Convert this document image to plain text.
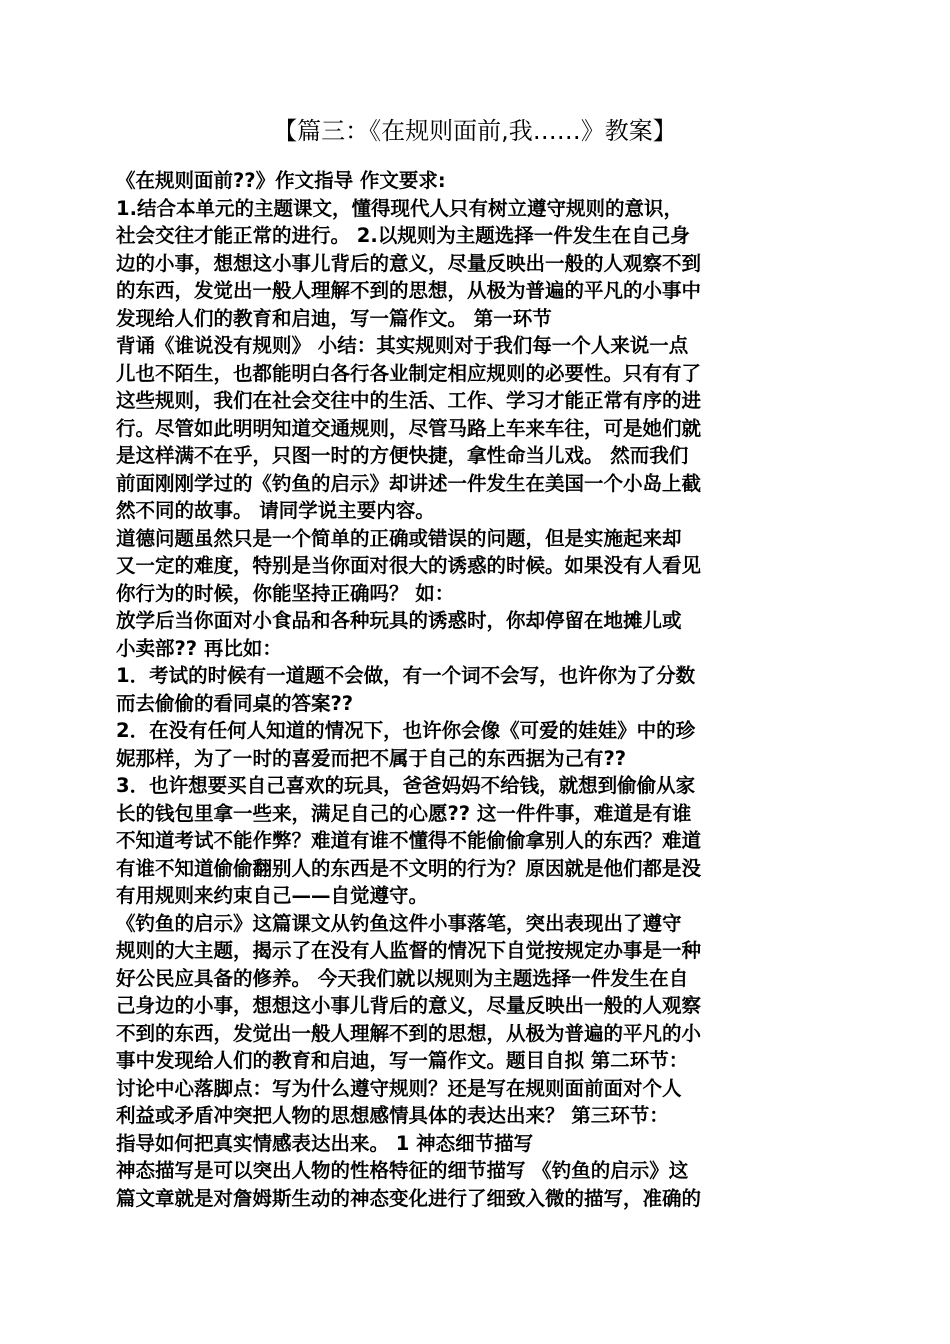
【篇三：《在规则面前,我……》教案】
《在规则面前??》作文指导 作文要求:
1.结合本单元的主题课文，懂得现代人只有树立遵守规则的意识，
社会交往才能正常的进行。 2.以规则为主题选择一件发生在自己身
边的小事，想想这小事儿背后的意义，尽量反映出一般的人观察不到
的东西，发觉出一般人理解不到的思想，从极为普遍的平凡的小事中
发现给人们的教育和启迪，写一篇作文。 第一环节
背诵《谁说没有规则》 小结：其实规则对于我们每一个人来说一点
儿也不陌生，也都能明白各行各业制定相应规则的必要性。只有有了
这些规则，我们在社会交往中的生活、工作、学习才能正常有序的进
行。尽管如此明明知道交通规则，尽管马路上车来车往，可是她们就
是这样满不在乎，只图一时的方便快捷，拿性命当儿戏。 然而我们
前面刚刚学过的《钓鱼的启示》却讲述一件发生在美国一个小岛上截
然不同的故事。 请同学说主要内容。
道德问题虽然只是一个简单的正确或错误的问题，但是实施起来却
又一定的难度，特别是当你面对很大的诱惑的时候。如果没有人看见
你行为的时候，你能坚持正确吗？ 如：
放学后当你面对小食品和各种玩具的诱惑时，你却停留在地摊儿或
小卖部?? 再比如：
1．考试的时候有一道题不会做，有一个词不会写，也许你为了分数
而去偷偷的看同桌的答案??
2．在没有任何人知道的情况下，也许你会像《可爱的娃娃》中的珍
妮那样，为了一时的喜爱而把不属于自己的东西据为己有??
3．也许想要买自己喜欢的玩具，爸爸妈妈不给钱，就想到偷偷从家
长的钱包里拿一些来，满足自己的心愿?? 这一件件事，难道是有谁
不知道考试不能作弊？难道有谁不懂得不能偷偷拿别人的东西？难道
有谁不知道偷偷翻别人的东西是不文明的行为？原因就是他们都是没
有用规则来约束自己——自觉遵守。
《钓鱼的启示》这篇课文从钓鱼这件小事落笔，突出表现出了遵守
规则的大主题，揭示了在没有人监督的情况下自觉按规定办事是一种
好公民应具备的修养。 今天我们就以规则为主题选择一件发生在自
己身边的小事，想想这小事儿背后的意义，尽量反映出一般的人观察
不到的东西，发觉出一般人理解不到的思想，从极为普遍的平凡的小
事中发现给人们的教育和启迪，写一篇作文。题目自拟 第二环节：
讨论中心落脚点：写为什么遵守规则？还是写在规则面前面对个人
利益或矛盾冲突把人物的思想感情具体的表达出来？ 第三环节：
指导如何把真实情感表达出来。 1 神态细节描写
神态描写是可以突出人物的性格特征的细节描写 《钓鱼的启示》这
篇文章就是对詹姆斯生动的神态变化进行了细致入微的描写，准确的
